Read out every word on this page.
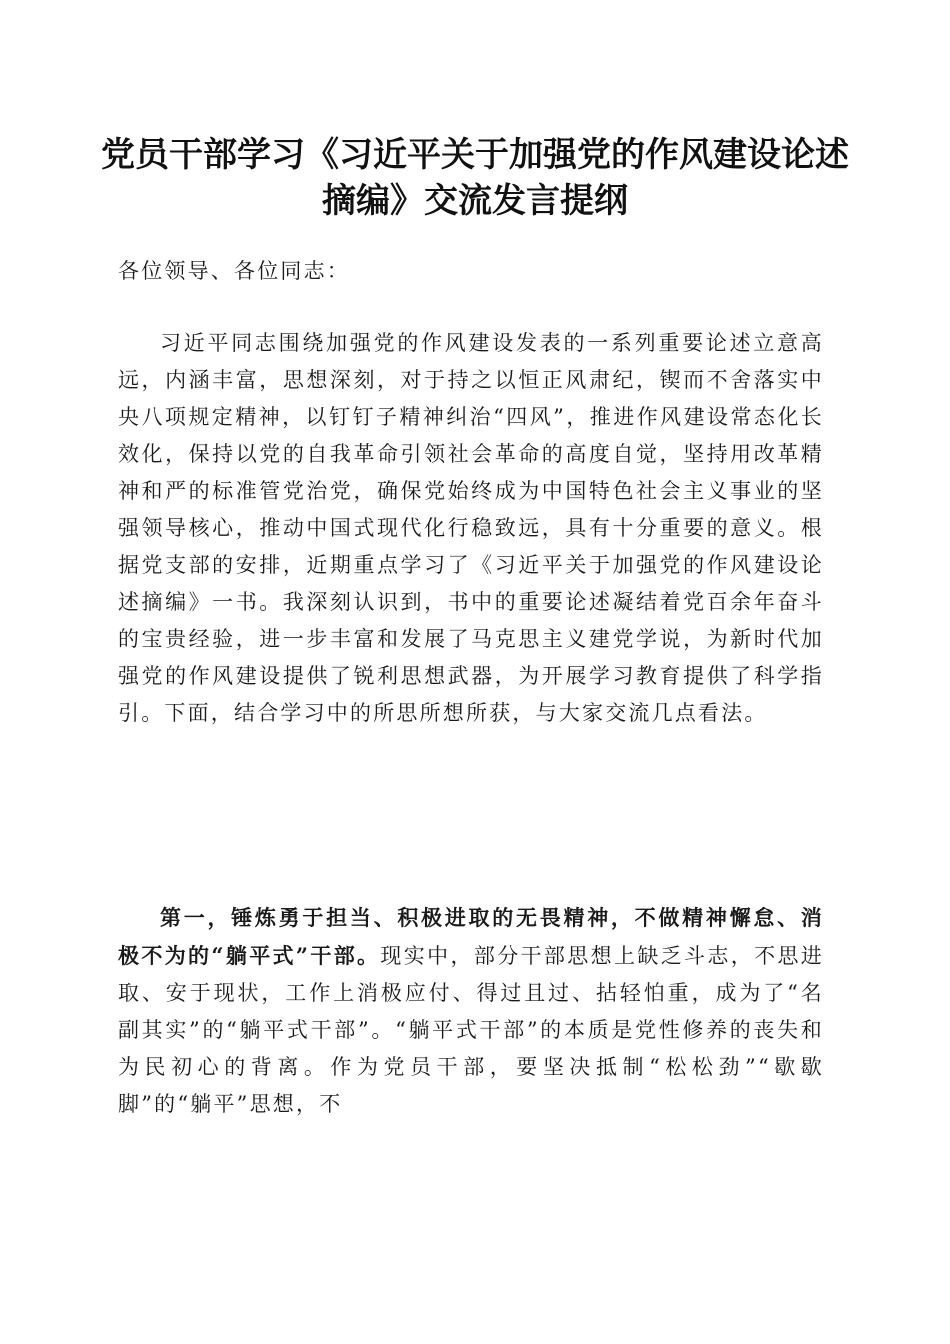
党员干部学习《习近平关于加强党的作风建设论述摘编》交流发言提纲

各位领导、各位同志：

习近平同志围绕加强党的作风建设发表的一系列重要论述立意高远，内涵丰富，思想深刻，对于持之以恒正风肃纪，锲而不舍落实中央八项规定精神，以钉钉子精神纠治“四风”，推进作风建设常态化长效化，保持以党的自我革命引领社会革命的高度自觉，坚持用改革精神和严的标准管党治党，确保党始终成为中国特色社会主义事业的坚强领导核心，推动中国式现代化行稳致远，具有十分重要的意义。根据党支部的安排，近期重点学习了《习近平关于加强党的作风建设论述摘编》一书。我深刻认识到，书中的重要论述凝结着党百余年奋斗的宝贵经验，进一步丰富和发展了马克思主义建党学说，为新时代加强党的作风建设提供了锐利思想武器，为开展学习教育提供了科学指引。下面，结合学习中的所思所想所获，与大家交流几点看法。

第一，锤炼勇于担当、积极进取的无畏精神，不做精神懈怠、消极不为的“躺平式”干部。现实中，部分干部思想上缺乏斗志，不思进取、安于现状，工作上消极应付、得过且过、拈轻怕重，成为了“名副其实”的“躺平式干部”。“躺平式干部”的本质是党性修养的丧失和为民初心的背离。作为党员干部，要坚决抵制“松松劲”“歇歇脚”的“躺平”思想，不
